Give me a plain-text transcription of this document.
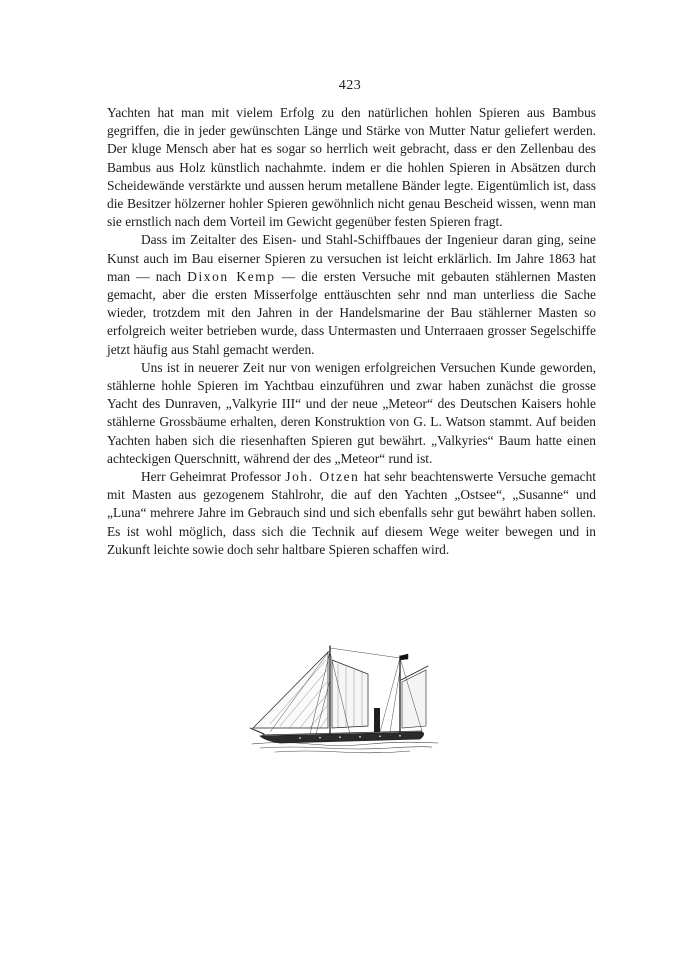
423

Yachten hat man mit vielem Erfolg zu den natürlichen hohlen Spieren aus Bambus gegriffen, die in jeder gewünschten Länge und Stärke von Mutter Natur geliefert werden. Der kluge Mensch aber hat es sogar so herrlich weit gebracht, dass er den Zellenbau des Bambus aus Holz künstlich nachahmte. indem er die hohlen Spieren in Absätzen durch Scheidewände verstärkte und aussen herum metallene Bänder legte. Eigentümlich ist, dass die Besitzer hölzerner hohler Spieren gewöhnlich nicht genau Bescheid wissen, wenn man sie ernstlich nach dem Vorteil im Gewicht gegenüber festen Spieren fragt.

Dass im Zeitalter des Eisen- und Stahl-Schiffbaues der Ingenieur daran ging, seine Kunst auch im Bau eiserner Spieren zu versuchen ist leicht erklärlich. Im Jahre 1863 hat man — nach Dixon Kemp — die ersten Versuche mit gebauten stählernen Masten gemacht, aber die ersten Misserfolge enttäuschten sehr nnd man unterliess die Sache wieder, trotzdem mit den Jahren in der Handelsmarine der Bau stählerner Masten so erfolgreich weiter betrieben wurde, dass Untermasten und Unterraaen grosser Segelschiffe jetzt häufig aus Stahl gemacht werden.

Uns ist in neuerer Zeit nur von wenigen erfolgreichen Versuchen Kunde geworden, stählerne hohle Spieren im Yachtbau einzuführen und zwar haben zunächst die grosse Yacht des Dunraven, „Valkyrie III“ und der neue „Meteor“ des Deutschen Kaisers hohle stählerne Grossbäume erhalten, deren Konstruktion von G. L. Watson stammt. Auf beiden Yachten haben sich die riesenhaften Spieren gut bewährt. „Valkyries“ Baum hatte einen achteckigen Querschnitt, während der des „Meteor“ rund ist.

Herr Geheimrat Professor Joh. Otzen hat sehr beachtenswerte Versuche gemacht mit Masten aus gezogenem Stahlrohr, die auf den Yachten „Ostsee“, „Susanne“ und „Luna“ mehrere Jahre im Gebrauch sind und sich ebenfalls sehr gut bewährt haben sollen. Es ist wohl möglich, dass sich die Technik auf diesem Wege weiter bewegen und in Zukunft leichte sowie doch sehr haltbare Spieren schaffen wird.
